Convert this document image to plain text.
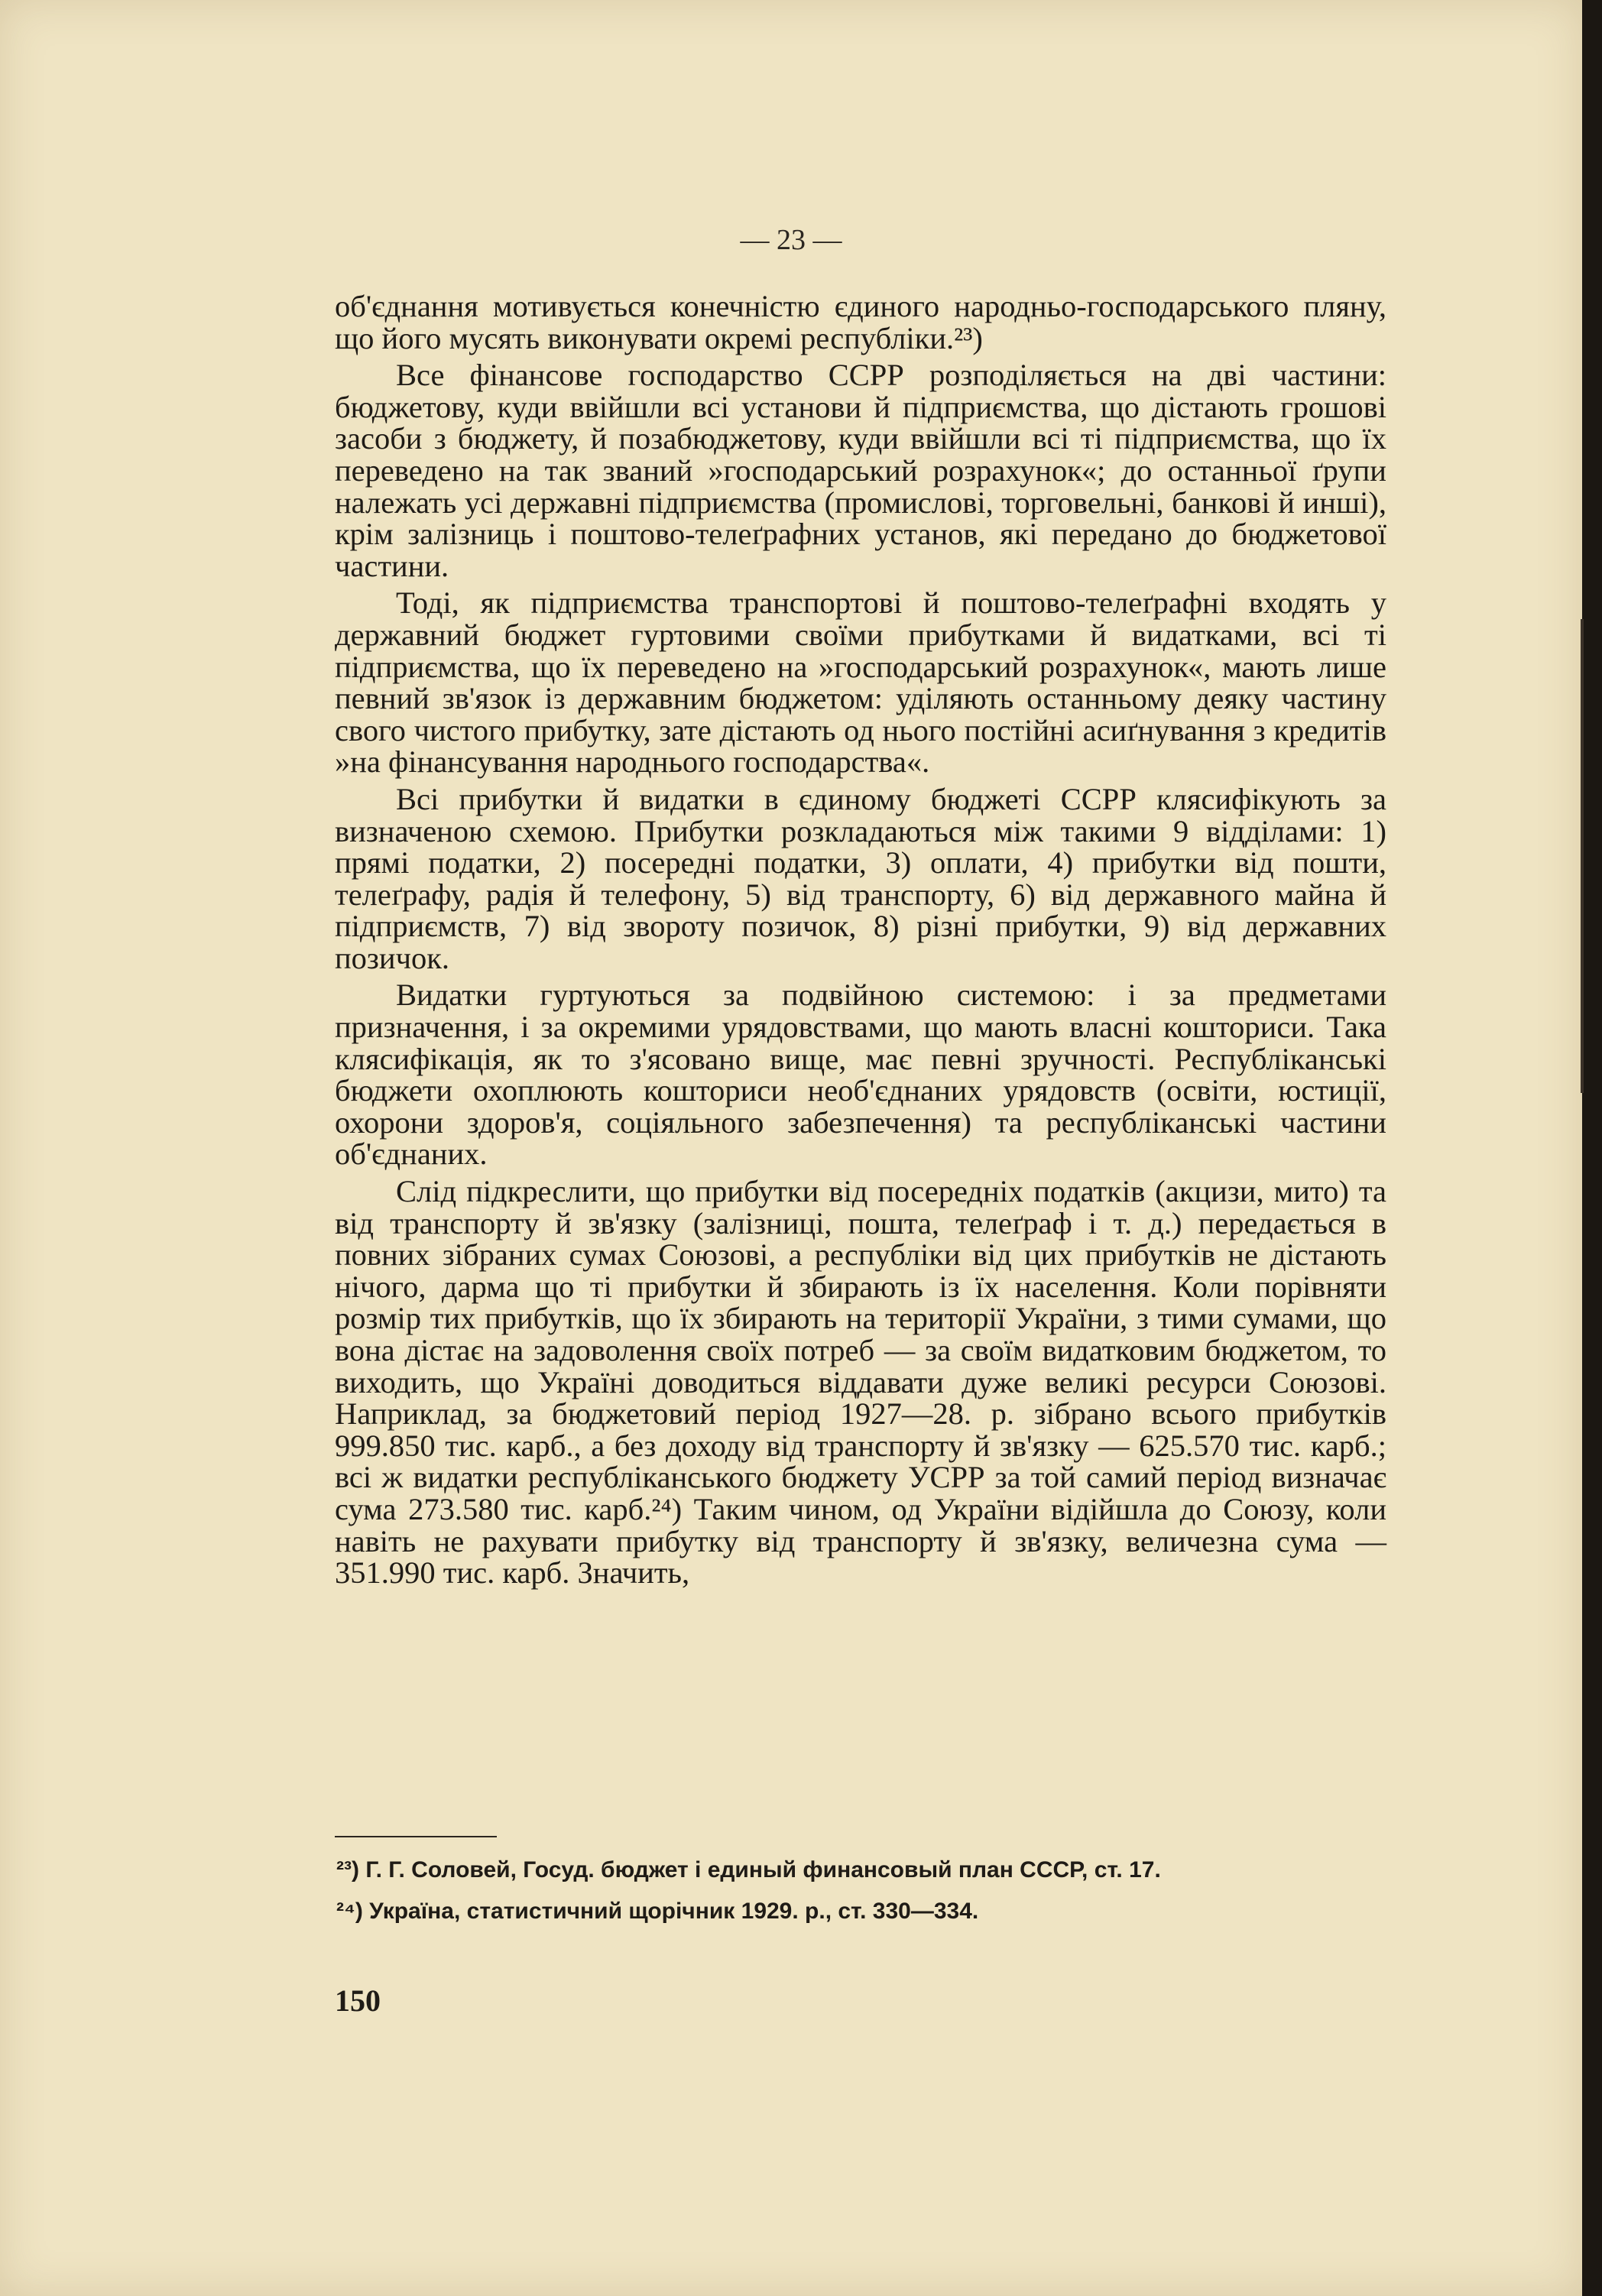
— 23 —

об'єднання мотивується конечністю єдиного народньо-господарського пляну, що його мусять виконувати окремі республіки.²³)

Все фінансове господарство ССРР розподіляється на дві частини: бюджетову, куди ввійшли всі установи й підприємства, що дістають грошові засоби з бюджету, й позабюджетову, куди ввійшли всі ті підприємства, що їх переведено на так званий »господарський розрахунок«; до останньої ґрупи належать усі державні підприємства (промислові, торговельні, банкові й инші), крім залізниць і поштово-телеґрафних установ, які передано до бюджетової частини.

Тоді, як підприємства транспортові й поштово-телеґрафні входять у державний бюджет гуртовими своїми прибутками й видатками, всі ті підприємства, що їх переведено на »господарський розрахунок«, мають лише певний зв'язок із державним бюджетом: уділяють останньому деяку частину свого чистого прибутку, зате дістають од нього постійні асиґнування з кредитів »на фінансування народнього господарства«.

Всі прибутки й видатки в єдиному бюджеті ССРР клясифікують за визначеною схемою. Прибутки розкладаються між такими 9 відділами: 1) прямі податки, 2) посередні податки, 3) оплати, 4) прибутки від пошти, телеґрафу, радія й телефону, 5) від транспорту, 6) від державного майна й підприємств, 7) від звороту позичок, 8) різні прибутки, 9) від державних позичок.

Видатки гуртуються за подвійною системою: і за предметами призначення, і за окремими урядовствами, що мають власні кошториси. Така клясифікація, як то з'ясовано вище, має певні зручності. Республіканські бюджети охоплюють кошториси необ'єднаних урядовств (освіти, юстиції, охорони здоров'я, соціяльного забезпечення) та республіканські частини об'єднаних.

Слід підкреслити, що прибутки від посередніх податків (акцизи, мито) та від транспорту й зв'язку (залізниці, пошта, телеґраф і т. д.) передається в повних зібраних сумах Союзові, а республіки від цих прибутків не дістають нічого, дарма що ті прибутки й збирають із їх населення. Коли порівняти розмір тих прибутків, що їх збирають на території України, з тими сумами, що вона дістає на задоволення своїх потреб — за своїм видатковим бюджетом, то виходить, що Україні доводиться віддавати дуже великі ресурси Союзові. Наприклад, за бюджетовий період 1927—28. р. зібрано всього прибутків 999.850 тис. карб., а без доходу від транспорту й зв'язку — 625.570 тис. карб.; всі ж видатки республіканського бюджету УСРР за той самий період визначає сума 273.580 тис. карб.²⁴) Таким чином, од України відійшла до Союзу, коли навіть не рахувати прибутку від транспорту й зв'язку, величезна сума — 351.990 тис. карб. Значить,

²³) Г. Г. Соловей, Госуд. бюджет і единый финансовый план СССР, ст. 17.
²⁴) Україна, статистичний щорічник 1929. р., ст. 330—334.
150
